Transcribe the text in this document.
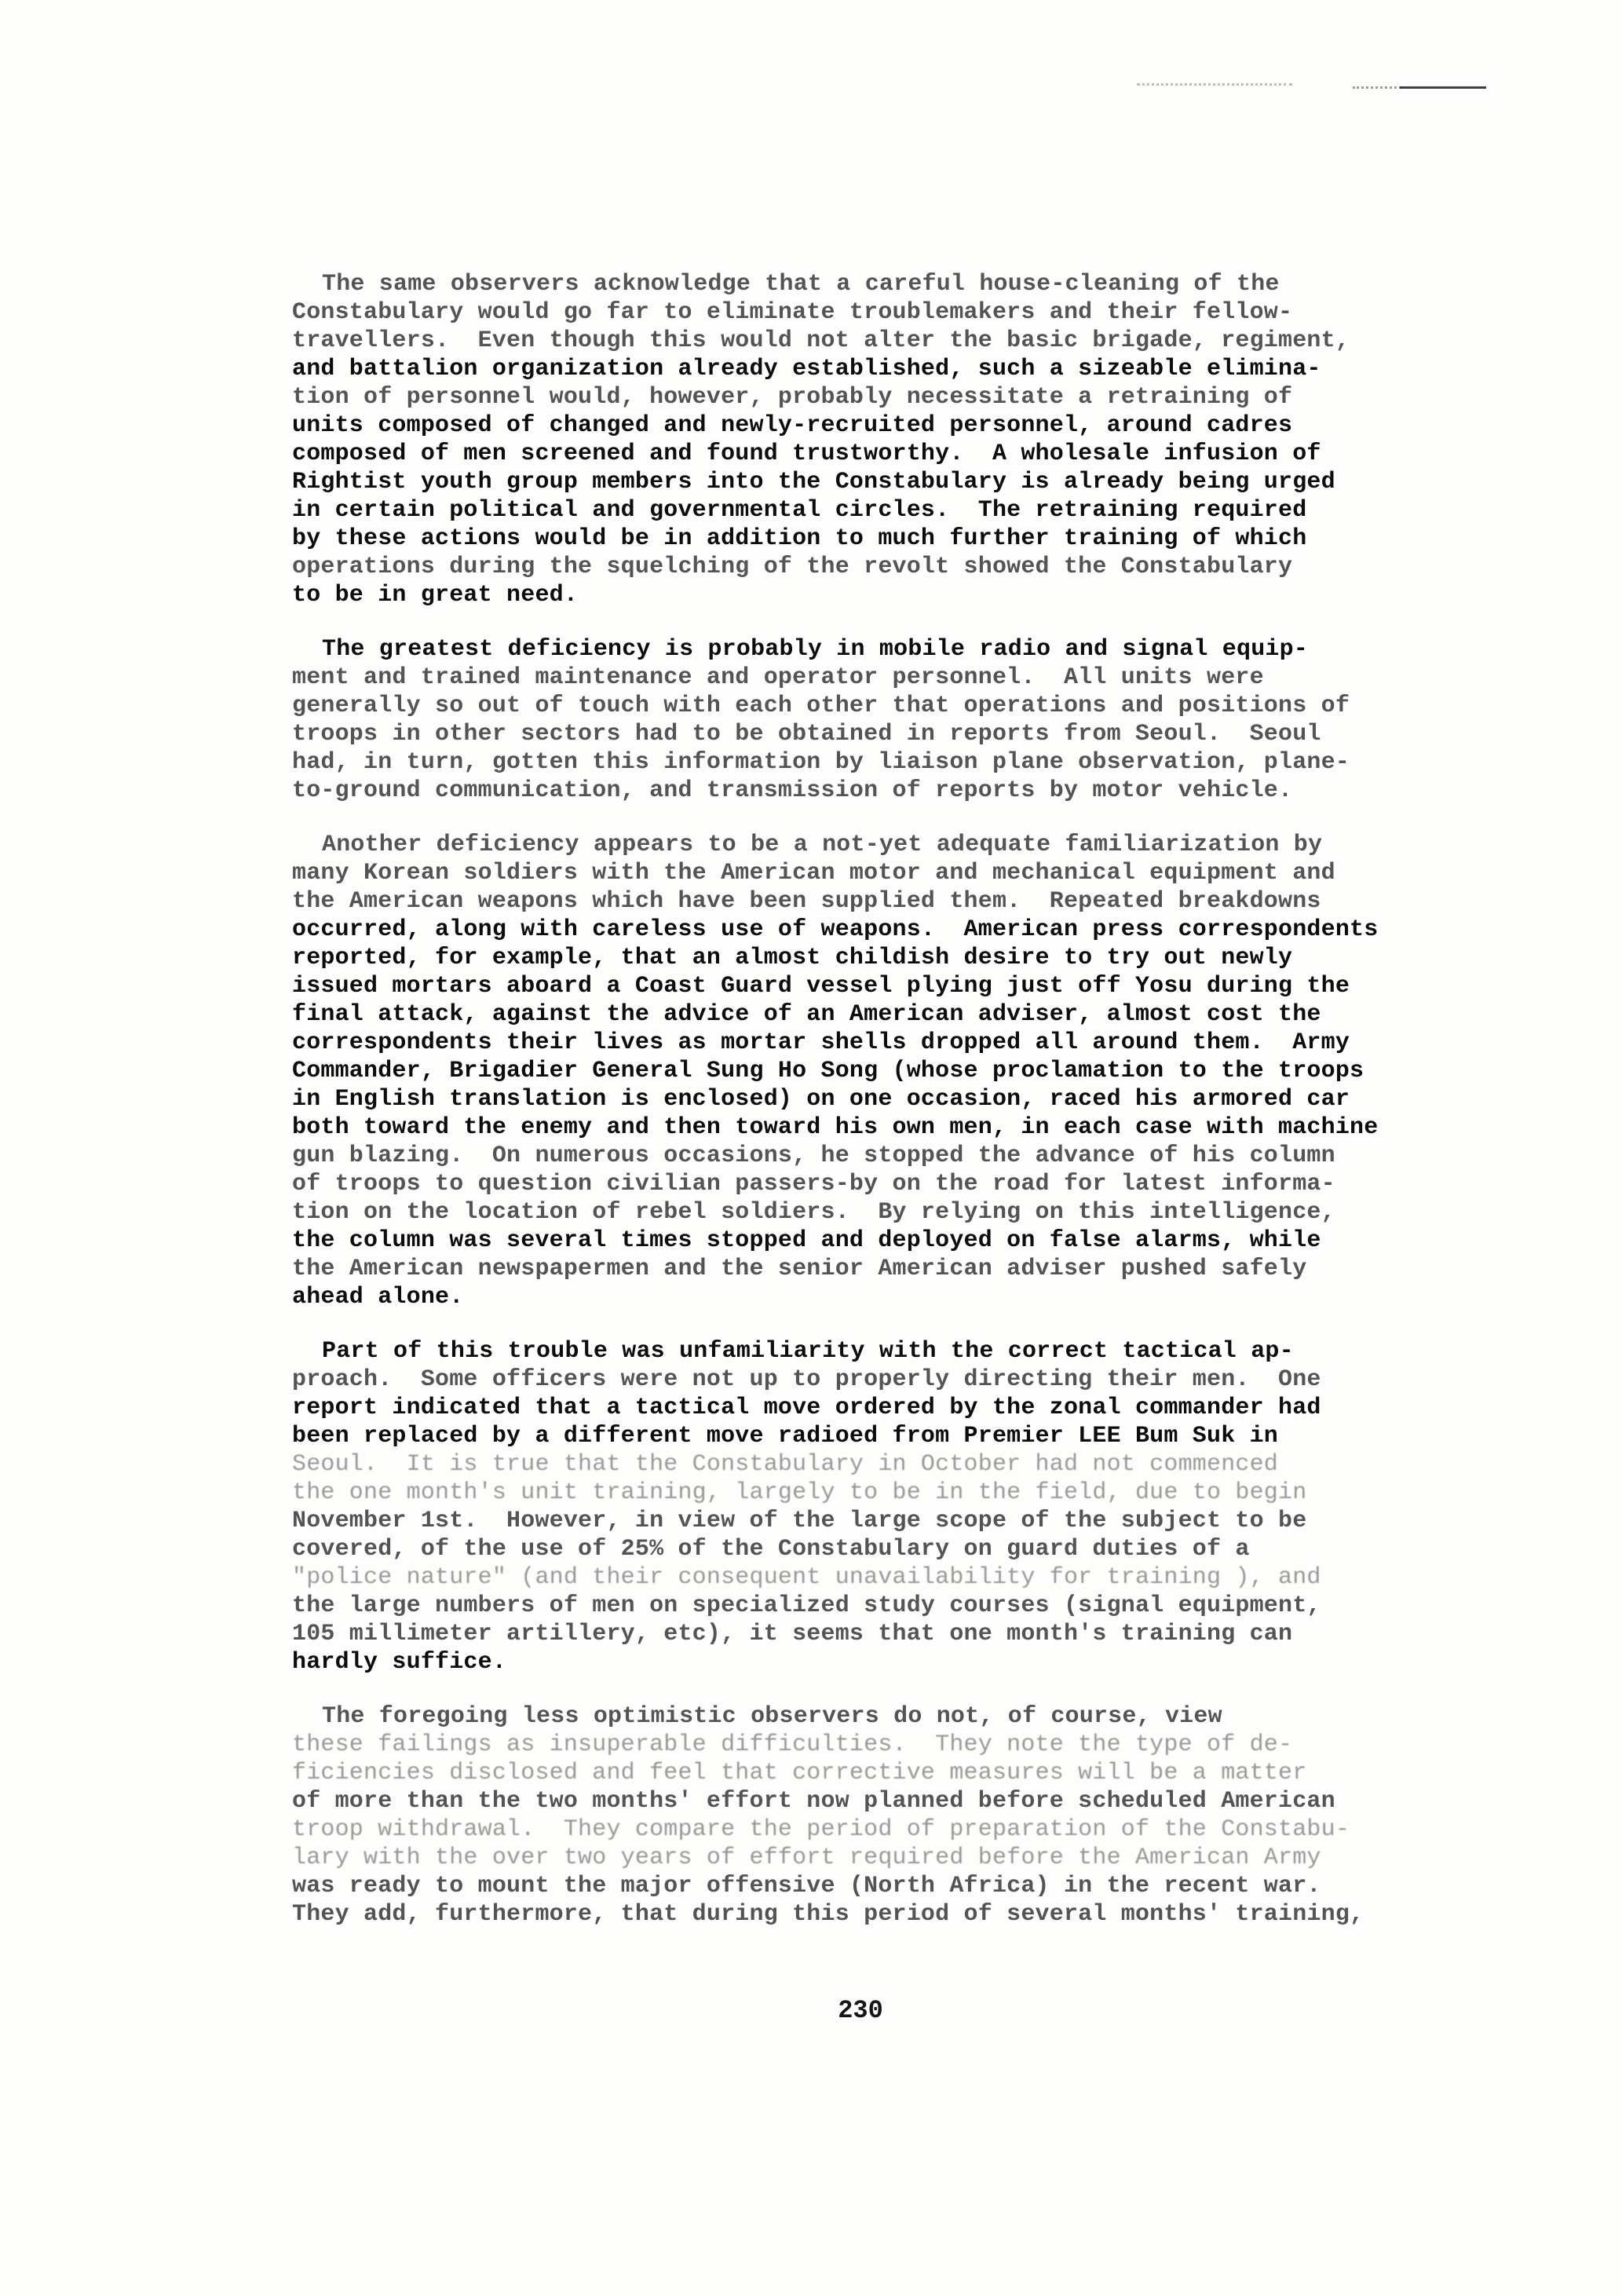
The same observers acknowledge that a careful house-cleaning of the
Constabulary would go far to eliminate troublemakers and their fellow-
travellers.  Even though this would not alter the basic brigade, regiment,
and battalion organization already established, such a sizeable elimina-
tion of personnel would, however, probably necessitate a retraining of
units composed of changed and newly-recruited personnel, around cadres
composed of men screened and found trustworthy.  A wholesale infusion of
Rightist youth group members into the Constabulary is already being urged
in certain political and governmental circles.  The retraining required
by these actions would be in addition to much further training of which
operations during the squelching of the revolt showed the Constabulary
to be in great need.
The greatest deficiency is probably in mobile radio and signal equip-
ment and trained maintenance and operator personnel.  All units were
generally so out of touch with each other that operations and positions of
troops in other sectors had to be obtained in reports from Seoul.  Seoul
had, in turn, gotten this information by liaison plane observation, plane-
to-ground communication, and transmission of reports by motor vehicle.
Another deficiency appears to be a not-yet adequate familiarization by
many Korean soldiers with the American motor and mechanical equipment and
the American weapons which have been supplied them.  Repeated breakdowns
occurred, along with careless use of weapons.  American press correspondents
reported, for example, that an almost childish desire to try out newly
issued mortars aboard a Coast Guard vessel plying just off Yosu during the
final attack, against the advice of an American adviser, almost cost the
correspondents their lives as mortar shells dropped all around them.  Army
Commander, Brigadier General Sung Ho Song (whose proclamation to the troops
in English translation is enclosed) on one occasion, raced his armored car
both toward the enemy and then toward his own men, in each case with machine
gun blazing.  On numerous occasions, he stopped the advance of his column
of troops to question civilian passers-by on the road for latest informa-
tion on the location of rebel soldiers.  By relying on this intelligence,
the column was several times stopped and deployed on false alarms, while
the American newspapermen and the senior American adviser pushed safely
ahead alone.
Part of this trouble was unfamiliarity with the correct tactical ap-
proach.  Some officers were not up to properly directing their men.  One
report indicated that a tactical move ordered by the zonal commander had
been replaced by a different move radioed from Premier LEE Bum Suk in
Seoul.  It is true that the Constabulary in October had not commenced
the one month's unit training, largely to be in the field, due to begin
November 1st.  However, in view of the large scope of the subject to be
covered, of the use of 25% of the Constabulary on guard duties of a
"police nature" (and their consequent unavailability for training ), and
the large numbers of men on specialized study courses (signal equipment,
105 millimeter artillery, etc), it seems that one month's training can
hardly suffice.
The foregoing less optimistic observers do not, of course, view
these failings as insuperable difficulties.  They note the type of de-
ficiencies disclosed and feel that corrective measures will be a matter
of more than the two months' effort now planned before scheduled American
troop withdrawal.  They compare the period of preparation of the Constabu-
lary with the over two years of effort required before the American Army
was ready to mount the major offensive (North Africa) in the recent war.
They add, furthermore, that during this period of several months' training,
230
